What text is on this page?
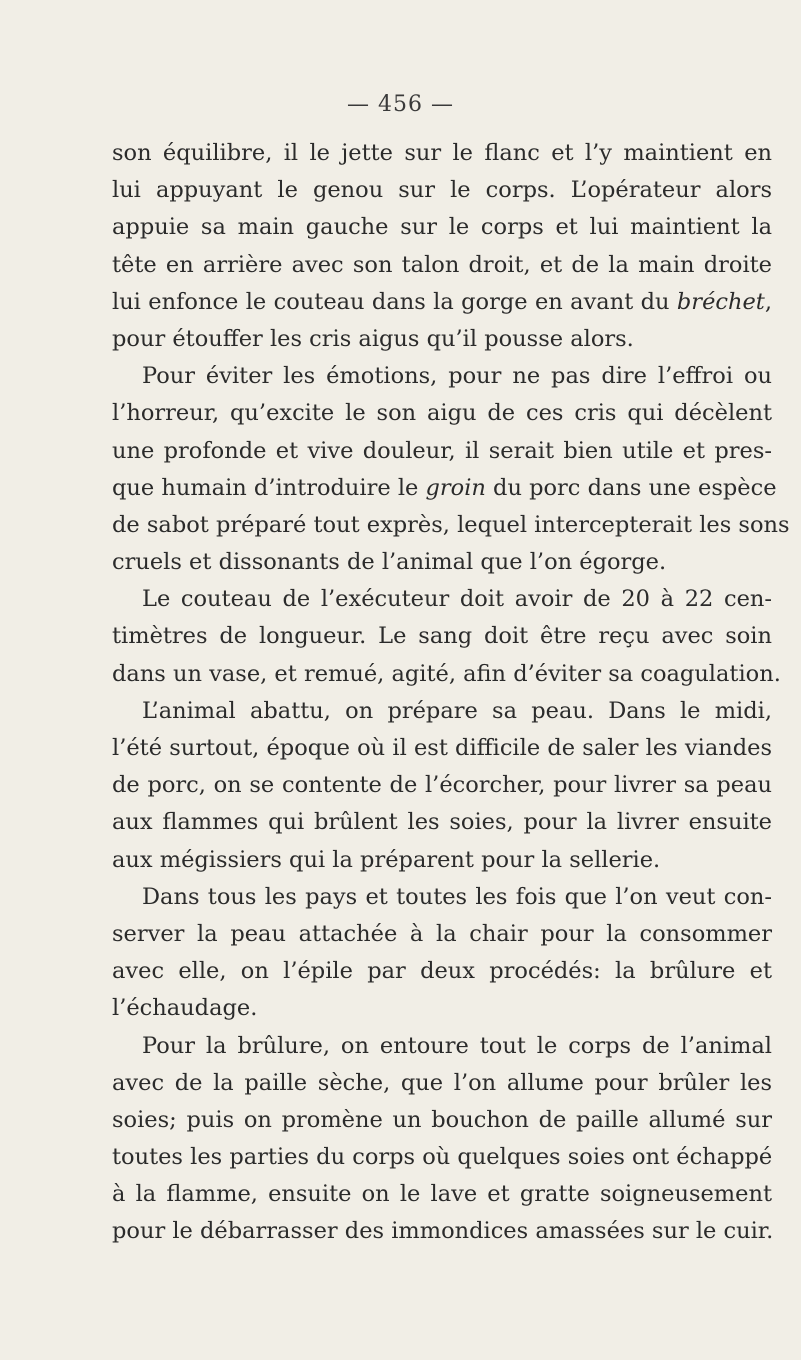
— 456 —
son équilibre, il le jette sur le flanc et l’y maintient en
lui appuyant le genou sur le corps. L’opérateur alors
appuie sa main gauche sur le corps et lui maintient la
tête en arrière avec son talon droit, et de la main droite
lui enfonce le couteau dans la gorge en avant du bréchet,
pour étouffer les cris aigus qu’il pousse alors.
Pour éviter les émotions, pour ne pas dire l’effroi ou
l’horreur, qu’excite le son aigu de ces cris qui décèlent
une profonde et vive douleur, il serait bien utile et pres-
que humain d’introduire le groin du porc dans une espèce
de sabot préparé tout exprès, lequel intercepterait les sons
cruels et dissonants de l’animal que l’on égorge.
Le couteau de l’exécuteur doit avoir de 20 à 22 cen-
timètres de longueur. Le sang doit être reçu avec soin
dans un vase, et remué, agité, afin d’éviter sa coagulation.
L’animal abattu, on prépare sa peau. Dans le midi,
l’été surtout, époque où il est difficile de saler les viandes
de porc, on se contente de l’écorcher, pour livrer sa peau
aux flammes qui brûlent les soies, pour la livrer ensuite
aux mégissiers qui la préparent pour la sellerie.
Dans tous les pays et toutes les fois que l’on veut con-
server la peau attachée à la chair pour la consommer
avec elle, on l’épile par deux procédés: la brûlure et
l’échaudage.
Pour la brûlure, on entoure tout le corps de l’animal
avec de la paille sèche, que l’on allume pour brûler les
soies; puis on promène un bouchon de paille allumé sur
toutes les parties du corps où quelques soies ont échappé
à la flamme, ensuite on le lave et gratte soigneusement
pour le débarrasser des immondices amassées sur le cuir.
